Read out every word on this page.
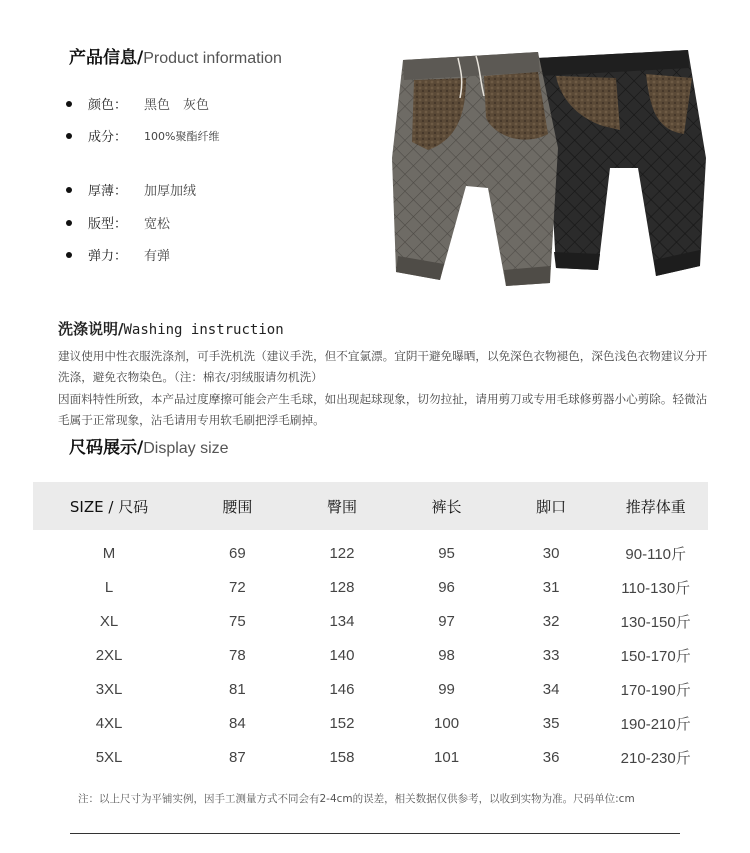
产品信息/ Product information
颜色：	黑色　灰色
成分：	100%聚酯纤维
厚薄：	加厚加绒
版型：	宽松
弹力：	有弹
洗涤说明/ Washing instruction

建议使用中性衣服洗涤剂，可手洗机洗（建议手洗，但不宜氯漂。宜阴干避免曝晒，以免深色衣物褪色，深色浅色衣物建议分开洗涤，避免衣物染色。（注：棉衣/羽绒服请勿机洗）

因面料特性所致，本产品过度摩擦可能会产生毛球，如出现起球现象，切勿拉扯，请用剪刀或专用毛球修剪器小心剪除。轻微沾毛属于正常现象，沾毛请用专用软毛刷把浮毛刷掉。

尺码展示/ Display size
SIZE / 尺码	腰围	臀围	裤长	脚口	推荐体重
M	69	122	95	30	90-110斤
L	72	128	96	31	110-130斤
XL	75	134	97	32	130-150斤
2XL	78	140	98	33	150-170斤
3XL	81	146	99	34	170-190斤
4XL	84	152	100	35	190-210斤
5XL	87	158	101	36	210-230斤
注：以上尺寸为平铺实例，因手工测量方式不同会有2-4cm的误差，相关数据仅供参考，以收到实物为准。尺码单位:cm
